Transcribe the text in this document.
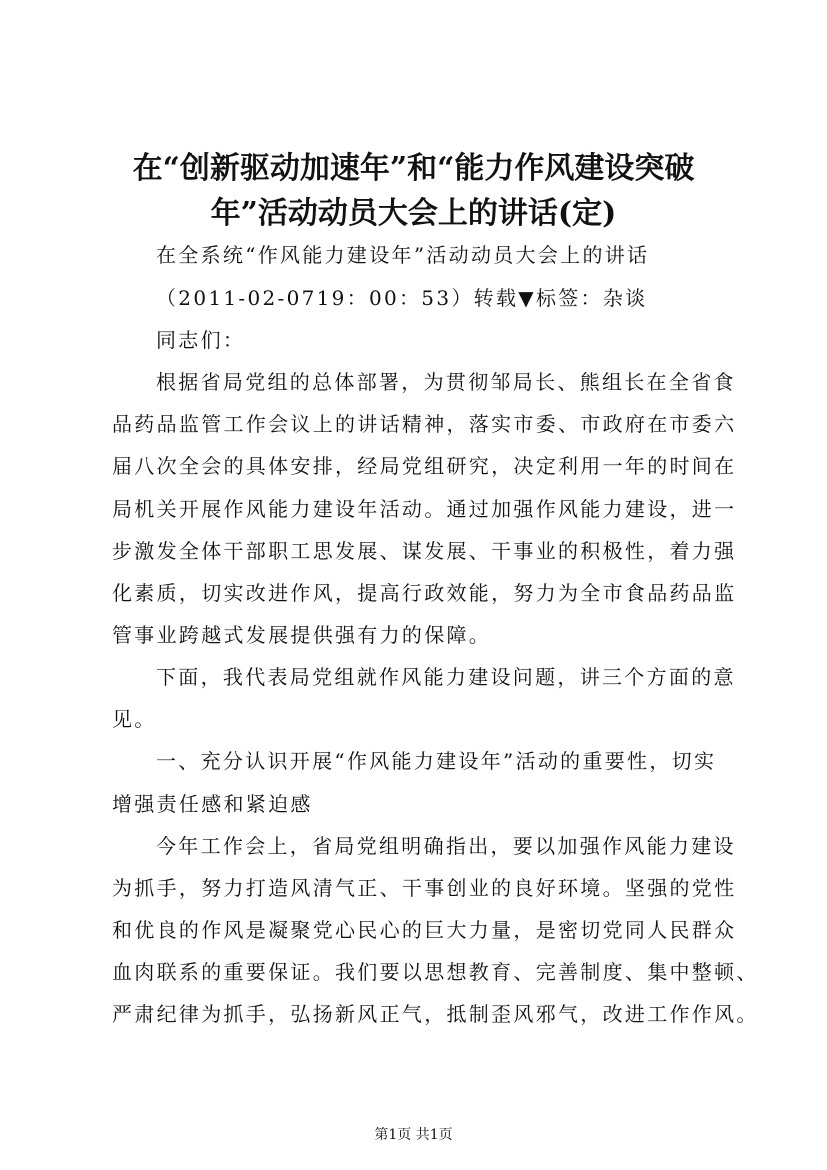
在“创新驱动加速年”和“能力作风建设突破
年”活动动员大会上的讲话(定)
在全系统“作风能力建设年”活动动员大会上的讲话
（2011-02-0719：00：53）转载▼标签：杂谈
同志们：
根据省局党组的总体部署，为贯彻邹局长、熊组长在全省食
品药品监管工作会议上的讲话精神，落实市委、市政府在市委六
届八次全会的具体安排，经局党组研究，决定利用一年的时间在
局机关开展作风能力建设年活动。通过加强作风能力建设，进一
步激发全体干部职工思发展、谋发展、干事业的积极性，着力强
化素质，切实改进作风，提高行政效能，努力为全市食品药品监
管事业跨越式发展提供强有力的保障。
下面，我代表局党组就作风能力建设问题，讲三个方面的意
见。
一、充分认识开展“作风能力建设年”活动的重要性，切实
增强责任感和紧迫感
今年工作会上，省局党组明确指出，要以加强作风能力建设
为抓手，努力打造风清气正、干事创业的良好环境。坚强的党性
和优良的作风是凝聚党心民心的巨大力量，是密切党同人民群众
血肉联系的重要保证。我们要以思想教育、完善制度、集中整顿、
严肃纪律为抓手，弘扬新风正气，抵制歪风邪气，改进工作作风。
第1页 共1页
